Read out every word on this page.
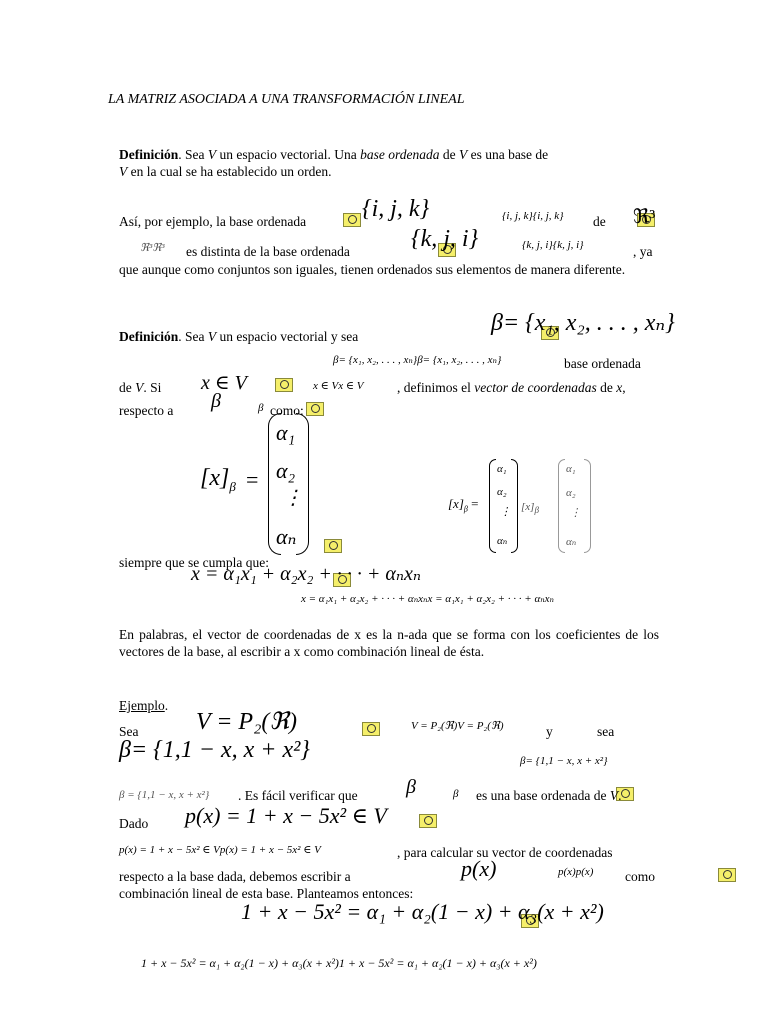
LA MATRIZ ASOCIADA A UNA TRANSFORMACIÓN LINEAL
Definición. Sea V un espacio vectorial. Una base ordenada de V es una base de
V en la cual se ha establecido un orden.
Así, por ejemplo, la base ordenada
{i, j, k}	{i, j, k}{i, j, k} de
ℜ³
ℜ³ℜ³ es distinta de la base ordenada
	{k, j, i}	{k, j, i}{k, j, i}	, ya
que aunque como conjuntos son iguales, tienen ordenados sus elementos de manera diferente.
Definición. Sea V un espacio vectorial y sea

β= {x₁, x₂, . . . , xₙ}
β= {x₁, x₂, . . . , xₙ}β= {x₁, x₂, . . . , xₙ}	base ordenada
de V. Si
x ∈ V	x ∈ Vx ∈ V , definimos el vector de coordenadas de x,
respecto a
β	β como:
$[x]_\beta$ =
α₁
α₂
⋮
αₙ
$[x]_\beta$ =
α₁
α₂
⋮
αₙ
$[x]_\beta$
α₁
α₂
⋮
αₙ

siempre que se cumpla que:

x = α₁x₁ + α₂x₂ + · · · + αₙxₙ
x = α₁x₁ + α₂x₂ + · · · + αₙxₙx = α₁x₁ + α₂x₂ + · · · + αₙxₙ
En palabras, el vector de coordenadas de x es la n-ada que se forma con los coeficientes de los vectores de la base, al escribir a x como combinación lineal de ésta.
Ejemplo.
Sea
V = P₂(ℜ)	V = P₂(ℜ)V = P₂(ℜ)	y	sea

β= {1,1 − x, x + x²}	β= {1,1 − x, x + x²}
β = {1,1 − x, x + x²} . Es fácil verificar que
β	β es una base ordenada de V.
Dado
p(x) = 1 + x − 5x² ∈ V
p(x) = 1 + x − 5x² ∈ Vp(x) = 1 + x − 5x² ∈ V	, para calcular su vector de coordenadas
respecto a la base dada, debemos escribir a
	p(x)	p(x)p(x) como
combinación lineal de esta base. Planteamos entonces:
1 + x − 5x² = α₁ + α₂(1 − x) + α₃(x + x²)
1 + x − 5x² = α₁ + α₂(1 − x) + α₃(x + x²)1 + x − 5x² = α₁ + α₂(1 − x) + α₃(x + x²)
